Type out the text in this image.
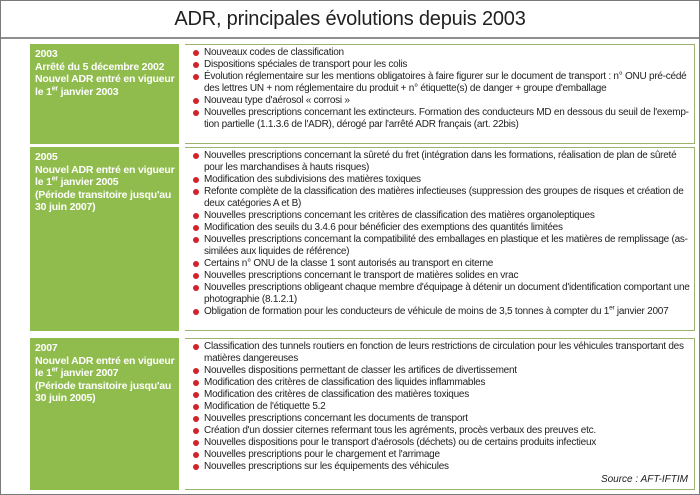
ADR, principales évolutions depuis 2003
2003
Arrêté du 5 décembre 2002
Nouvel ADR entré en vigueur
le 1er janvier 2003
Nouveaux codes de classification
Dispositions spéciales de transport pour les colis
Évolution réglementaire sur les mentions obligatoires à faire figurer sur le document de transport : n° ONU pré-cédé des lettres UN + nom réglementaire du produit + n° étiquette(s) de danger + groupe d'emballage
Nouveau type d'aérosol « corrosi »
Nouvelles prescriptions concernant les extincteurs. Formation des conducteurs MD en dessous du seuil de l'exemp-tion partielle (1.1.3.6 de l'ADR), dérogé par l'arrêté ADR français (art. 22bis)
2005
Nouvel ADR entré en vigueur
le 1er janvier 2005
(Période transitoire jusqu'au
30 juin 2007)
Nouvelles prescriptions concernant la sûreté du fret (intégration dans les formations, réalisation de plan de sûreté pour les marchandises à hauts risques)
Modification des subdivisions des matières toxiques
Refonte complète de la classification des matières infectieuses (suppression des groupes de risques et création de deux catégories A et B)
Nouvelles prescriptions concernant les critères de classification des matières organoleptiques
Modification des seuils du 3.4.6 pour bénéficier des exemptions des quantités limitées
Nouvelles prescriptions concernant la compatibilité des emballages en plastique et les matières de remplissage (as-similées aux liquides de référence)
Certains n° ONU de la classe 1 sont autorisés au transport en citerne
Nouvelles prescriptions concernant le transport de matières solides en vrac
Nouvelles prescriptions obligeant chaque membre d'équipage à détenir un document d'identification comportant une photographie (8.1.2.1)
Obligation de formation pour les conducteurs de véhicule de moins de 3,5 tonnes à compter du 1er janvier 2007
2007
Nouvel ADR entré en vigueur
le 1er janvier 2007
(Période transitoire jusqu'au
30 juin 2005)
Classification des tunnels routiers en fonction de leurs restrictions de circulation pour les véhicules transportant des matières dangereuses
Nouvelles dispositions permettant de classer les artifices de divertissement
Modification des critères de classification des liquides inflammables
Modification des critères de classification des matières toxiques
Modification de l'étiquette 5.2
Nouvelles prescriptions concernant les documents de transport
Création d'un dossier citernes refermant tous les agréments, procès verbaux des preuves etc.
Nouvelles dispositions pour le transport d'aérosols (déchets) ou de certains produits infectieux
Nouvelles prescriptions pour le chargement et l'arrimage
Nouvelles prescriptions sur les équipements des véhicules
Source : AFT-IFTIM
